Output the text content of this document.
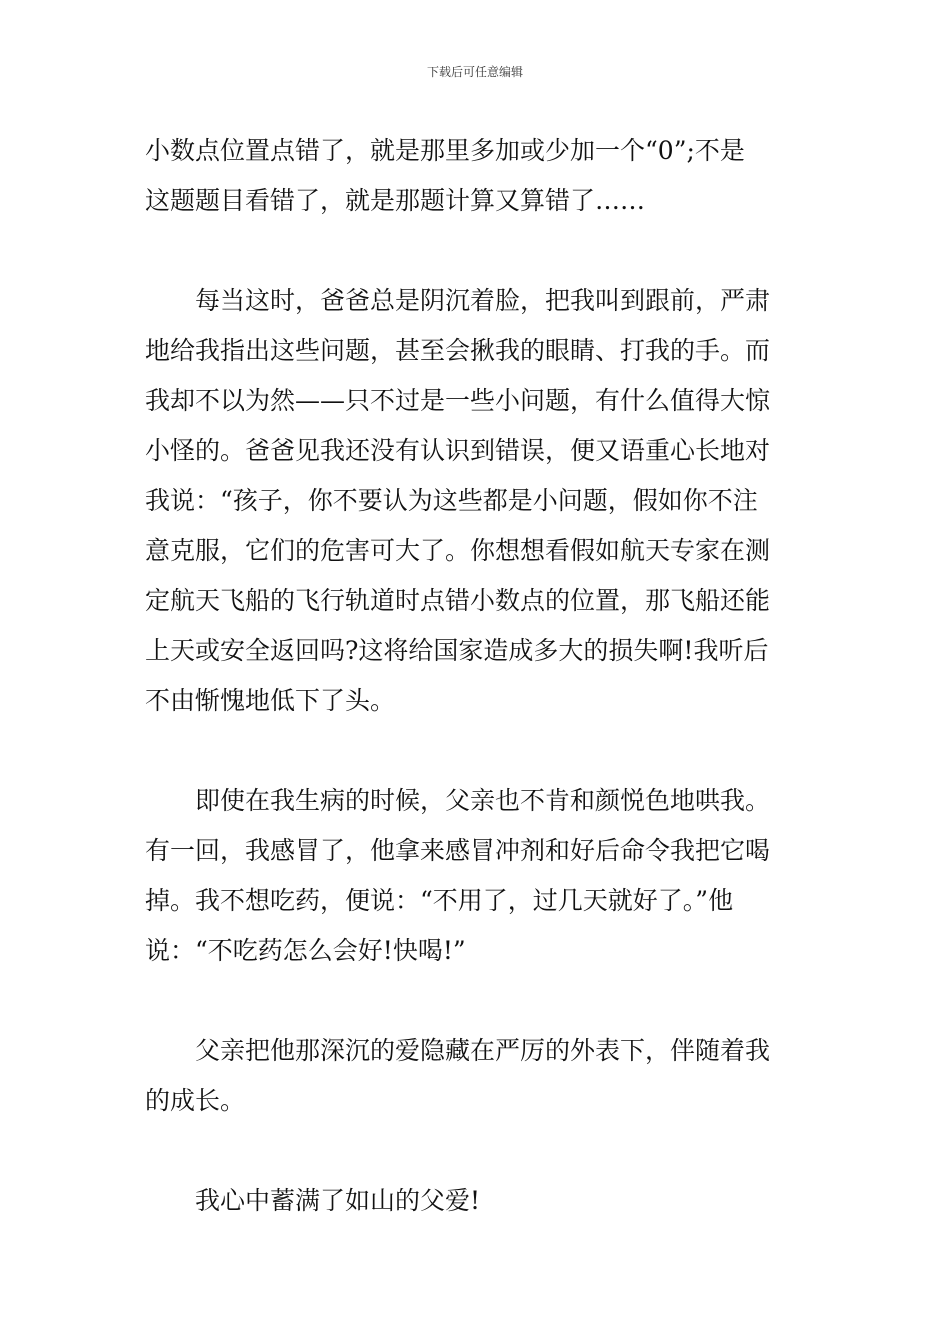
下载后可任意编辑

小数点位置点错了，就是那里多加或少加一个“0”;不是
这题题目看错了，就是那题计算又算错了……

每当这时，爸爸总是阴沉着脸，把我叫到跟前，严肃
地给我指出这些问题，甚至会揪我的眼睛、打我的手。而
我却不以为然——只不过是一些小问题，有什么值得大惊
小怪的。爸爸见我还没有认识到错误，便又语重心长地对
我说：“孩子，你不要认为这些都是小问题，假如你不注
意克服，它们的危害可大了。你想想看假如航天专家在测
定航天飞船的飞行轨道时点错小数点的位置，那飞船还能
上天或安全返回吗?这将给国家造成多大的损失啊!我听后
不由惭愧地低下了头。

即使在我生病的时候，父亲也不肯和颜悦色地哄我。
有一回，我感冒了，他拿来感冒冲剂和好后命令我把它喝
掉。我不想吃药，便说：“不用了，过几天就好了。”他
说：“不吃药怎么会好!快喝!”

父亲把他那深沉的爱隐藏在严厉的外表下，伴随着我
的成长。

我心中蓄满了如山的父爱!
